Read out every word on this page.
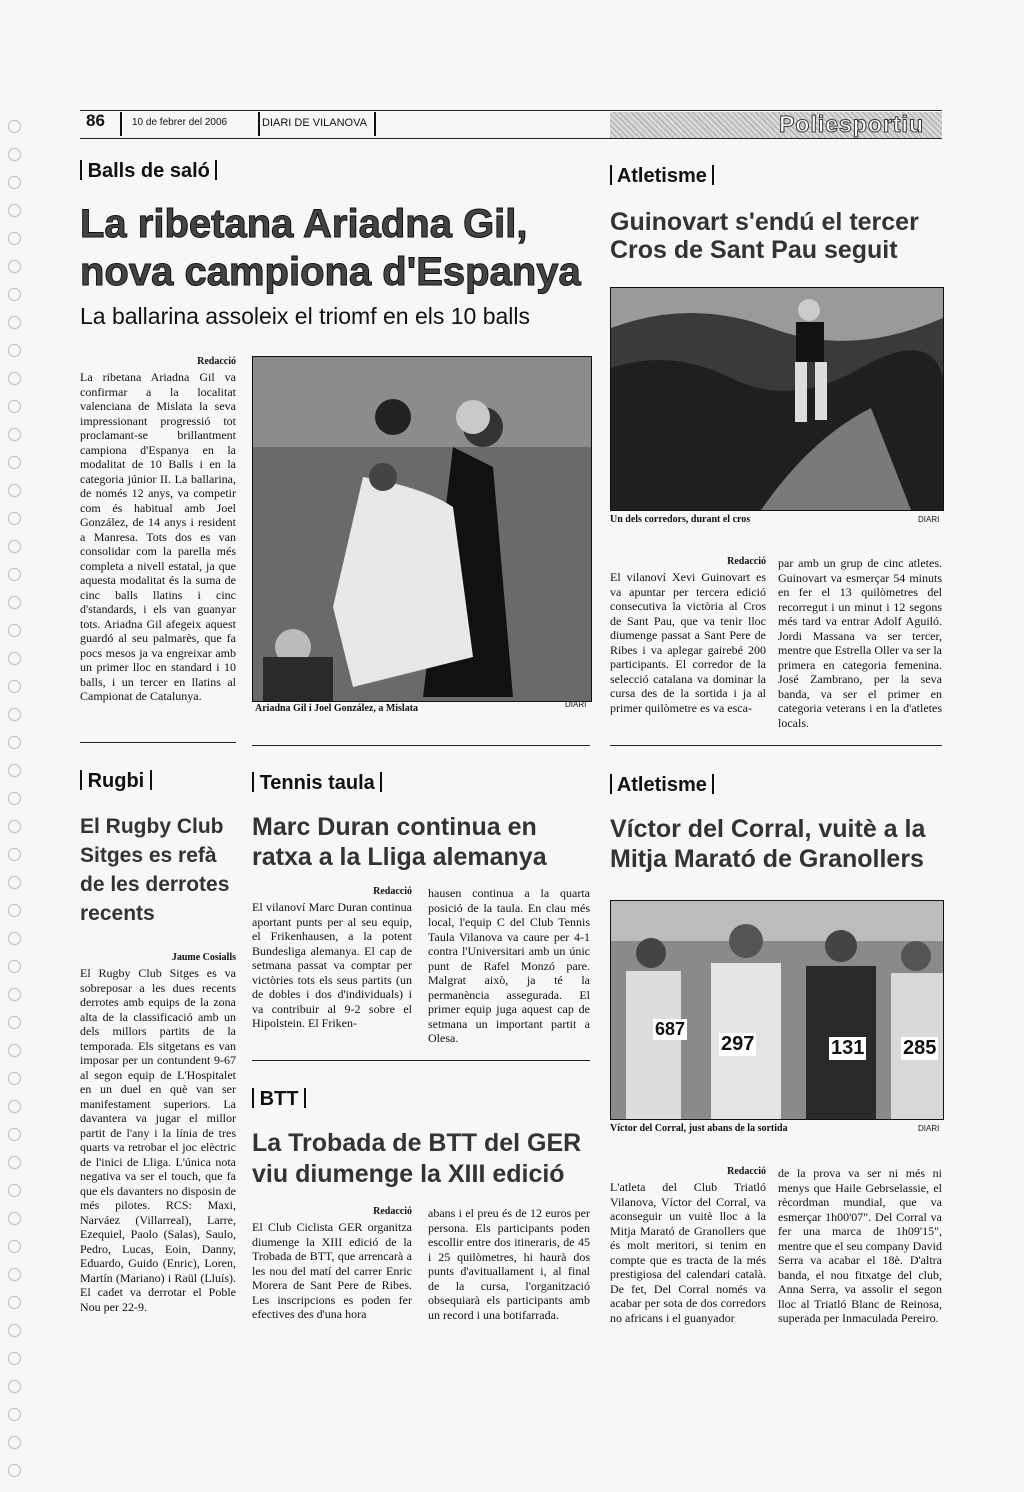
86	10 de febrer del 2006	DIARI DE VILANOVA	Poliesportiu
Balls de saló
La ribetana Ariadna Gil,
nova campiona d'Espanya
La ballarina assoleix el triomf en els 10 balls
Redacció
La ribetana Ariadna Gil va confirmar a la localitat valenciana de Mislata la seva impressionant progressió tot proclamant-se brillantment campiona d'Espanya en la modalitat de 10 Balls i en la categoria júnior II. La ballarina, de només 12 anys, va competir com és habitual amb Joel González, de 14 anys i resident a Manresa. Tots dos es van consolidar com la parella més completa a nivell estatal, ja que aquesta modalitat és la suma de cinc balls llatins i cinc d'standards, i els van guanyar tots. Ariadna Gil afegeix aquest guardó al seu palmarès, que fa pocs mesos ja va engreixar amb un primer lloc en standard i 10 balls, i un tercer en llatins al Campionat de Catalunya.
Ariadna Gil i Joel González, a Mislata	DIARI
Atletisme
Guinovart s'endú el tercer
Cros de Sant Pau seguit
Un dels corredors, durant el cros	DIARI
Redacció
El vilanoví Xevi Guinovart es va apuntar per tercera edició consecutiva la victòria al Cros de Sant Pau, que va tenir lloc diumenge passat a Sant Pere de Ribes i va aplegar gairebé 200 participants. El corredor de la selecció catalana va dominar la cursa des de la sortida i ja al primer quilòmetre es va esca-
par amb un grup de cinc atletes. Guinovart va esmerçar 54 minuts en fer el 13 quilòmetres del recorregut i un minut i 12 segons més tard va entrar Adolf Aguiló. Jordi Massana va ser tercer, mentre que Estrella Oller va ser la primera en categoria femenina. José Zambrano, per la seva banda, va ser el primer en categoria veterans i en la d'atletes locals.
Rugbi
El Rugby Club
Sitges es refà
de les derrotes
recents
Jaume Cosialls
El Rugby Club Sitges es va sobreposar a les dues recents derrotes amb equips de la zona alta de la classificació amb un dels millors partits de la temporada. Els sitgetans es van imposar per un contundent 9-67 al segon equip de L'Hospitalet en un duel en què van ser manifestament superiors. La davantera va jugar el millor partit de l'any i la línia de tres quarts va retrobar el joc elèctric de l'inici de Lliga. L'única nota negativa va ser el touch, que fa que els davanters no disposin de més pilotes. RCS: Maxi, Narváez (Villarreal), Larre, Ezequiel, Paolo (Salas), Saulo, Pedro, Lucas, Eoin, Danny, Eduardo, Guido (Enric), Loren, Martín (Mariano) i Raül (Lluís). El cadet va derrotar el Poble Nou per 22-9.
Tennis taula
Marc Duran continua en
ratxa a la Lliga alemanya
Redacció
El vilanoví Marc Duran continua aportant punts per al seu equip, el Frikenhausen, a la potent Bundesliga alemanya. El cap de setmana passat va comptar per victòries tots els seus partits (un de dobles i dos d'individuals) i va contribuir al 9-2 sobre el Hipolstein. El Friken-
hausen continua a la quarta posició de la taula. En clau més local, l'equip C del Club Tennis Taula Vilanova va caure per 4-1 contra l'Universitari amb un únic punt de Rafel Monzó pare. Malgrat això, ja té la permanència assegurada. El primer equip juga aquest cap de setmana un important partit a Olesa.
BTT
La Trobada de BTT del GER
viu diumenge la XIII edició
Redacció
El Club Ciclista GER organitza diumenge la XIII edició de la Trobada de BTT, que arrencarà a les nou del matí del carrer Enric Morera de Sant Pere de Ribes. Les inscripcions es poden fer efectives des d'una hora
abans i el preu és de 12 euros per persona. Els participants poden escollir entre dos itineraris, de 45 i 25 quilòmetres, hi haurà dos punts d'avituallament i, al final de la cursa, l'organització obsequiarà els participants amb un record i una botifarrada.
Atletisme
Víctor del Corral, vuitè a la
Mitja Marató de Granollers
687
297	131 285
Víctor del Corral, just abans de la sortida	DIARI
Redacció
L'atleta del Club Triatló Vilanova, Víctor del Corral, va aconseguir un vuitè lloc a la Mitja Marató de Granollers que és molt meritori, si tenim en compte que es tracta de la més prestigiosa del calendari català. De fet, Del Corral només va acabar per sota de dos corredors no africans i el guanyador
de la prova va ser ni més ni menys que Haile Gebrselassie, el rècordman mundial, que va esmerçar 1h00'07". Del Corral va fer una marca de 1h09'15", mentre que el seu company David Serra va acabar el 18è. D'altra banda, el nou fitxatge del club, Anna Serra, va assolir el segon lloc al Triatló Blanc de Reinosa, superada per Inmaculada Pereiro.
